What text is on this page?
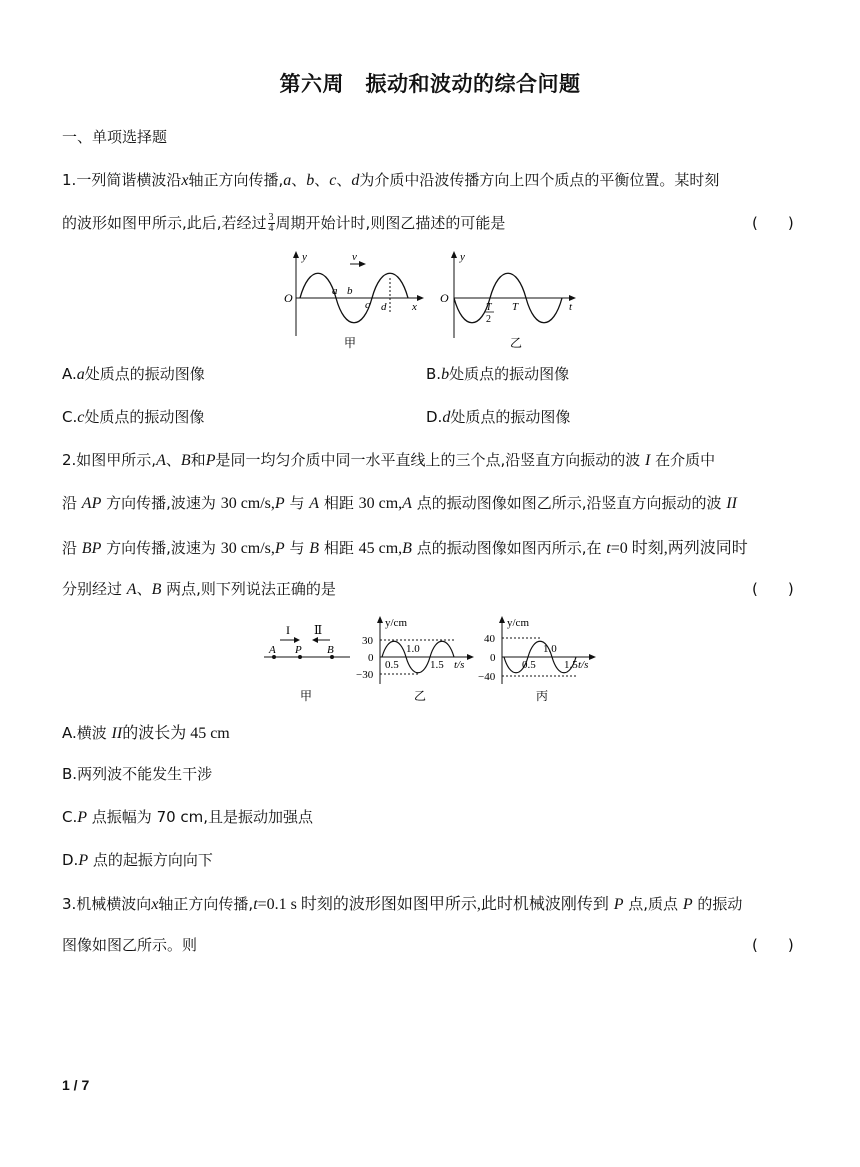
第六周　振动和波动的综合问题
一、单项选择题
1.一列简谐横波沿x轴正方向传播,a、b、c、d为介质中沿波传播方向上四个质点的平衡位置。某时刻
的波形如图甲所示,此后,若经过 $\frac{3}{4}$ 周期开始计时,则图乙描述的可能是	(　　)
y
O
v
a b
c d x
甲
y
O
T
2
T	t
乙
A.a处质点的振动图像	B.b处质点的振动图像
C.c处质点的振动图像	D.d处质点的振动图像
2.如图甲所示,A、B和P是同一均匀介质中同一水平直线上的三个点,沿竖直方向振动的波 I 在介质中
沿 AP 方向传播,波速为 30 cm/s,P 与 A 相距 30 cm,A 点的振动图像如图乙所示,沿竖直方向振动的波 II
沿 BP 方向传播,波速为 30 cm/s,P 与 B 相距 45 cm,B 点的振动图像如图丙所示,在 t=0 时刻,两列波同时
分别经过 A、B 两点,则下列说法正确的是	(　　)
I Ⅱ
A P B
甲
y/cm
30
0
−30
0.5
1.0
1.5 t/s
乙
y/cm
40
0
−40
0.5
1.0
1.5 t/s
丙
A.横波 II的波长为 45 cm
B.两列波不能发生干涉
C.P 点振幅为 70 cm,且是振动加强点
D.P 点的起振方向向下
3.机械横波向x轴正方向传播,t=0.1 s 时刻的波形图如图甲所示,此时机械波刚传到 P 点,质点 P 的振动
图像如图乙所示。则	(　　)
1 / 7
